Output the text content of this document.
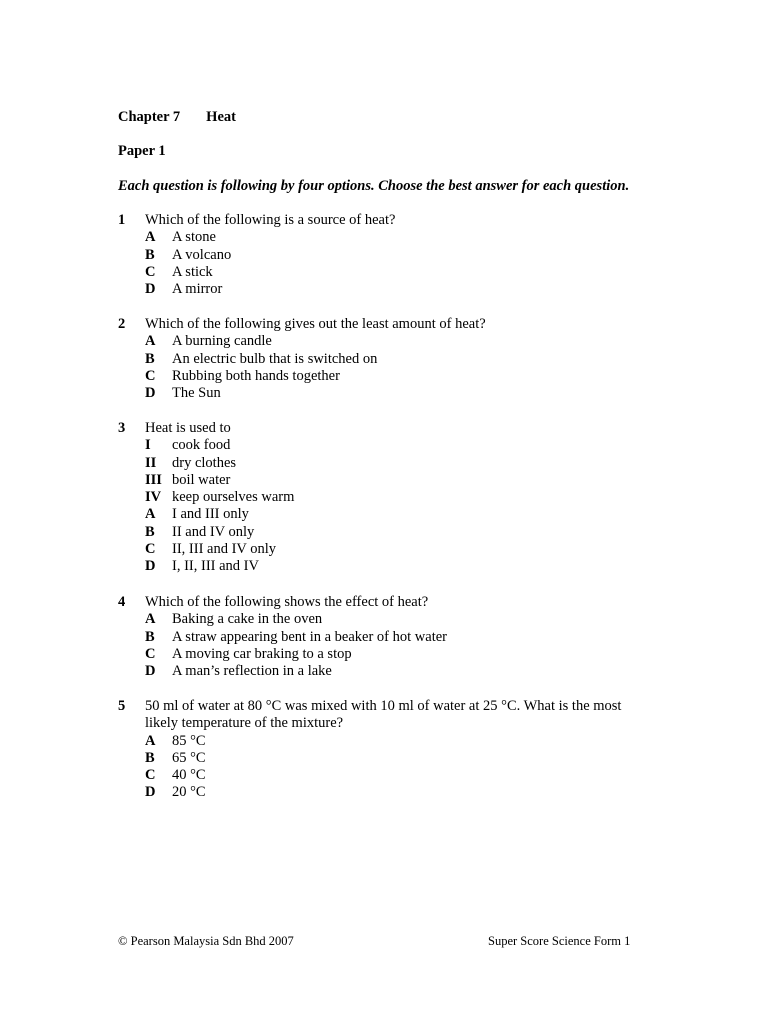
Chapter 7 Heat
Paper 1
Each question is following by four options. Choose the best answer for each question.
1	Which of the following is a source of heat?
A	A stone
B	A volcano
C	A stick
D	A mirror
2	Which of the following gives out the least amount of heat?
A	A burning candle
B	An electric bulb that is switched on
C	Rubbing both hands together
D	The Sun
3	Heat is used to
I	cook food
II	dry clothes
III boil water
IV keep ourselves warm
A	I and III only
B	II and IV only
C	II, III and IV only
D	I, II, III and IV
4	Which of the following shows the effect of heat?
A	Baking a cake in the oven
B	A straw appearing bent in a beaker of hot water
C	A moving car braking to a stop
D	A man’s reflection in a lake
5	50 ml of water at 80 °C was mixed with 10 ml of water at 25 °C. What is the most likely temperature of the mixture?
A	85 °C
B	65 °C
C	40 °C
D	20 °C
© Pearson Malaysia Sdn Bhd 2007	Super Score Science Form 1
